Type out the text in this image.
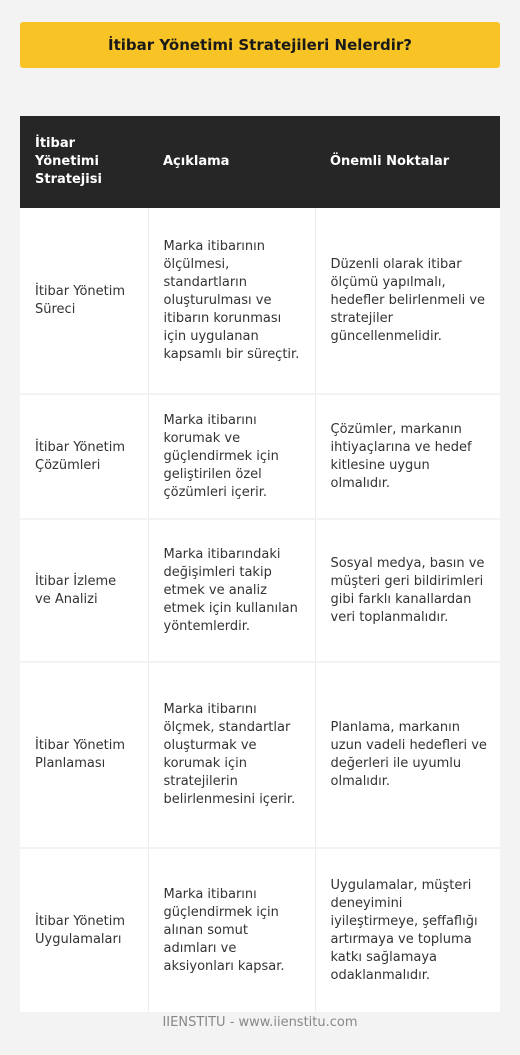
İtibar Yönetimi Stratejileri Nelerdir?
İtibar Yönetimi Stratejisi	Açıklama	Önemli Noktalar
İtibar Yönetim Süreci	Marka itibarının ölçülmesi, standartların oluşturulması ve itibarın korunması için uygulanan kapsamlı bir süreçtir.	Düzenli olarak itibar ölçümü yapılmalı, hedefler belirlenmeli ve stratejiler güncellenmelidir.
İtibar Yönetim Çözümleri	Marka itibarını korumak ve güçlendirmek için geliştirilen özel çözümleri içerir.	Çözümler, markanın ihtiyaçlarına ve hedef kitlesine uygun olmalıdır.
İtibar İzleme ve Analizi	Marka itibarındaki değişimleri takip etmek ve analiz etmek için kullanılan yöntemlerdir.	Sosyal medya, basın ve müşteri geri bildirimleri gibi farklı kanallardan veri toplanmalıdır.
İtibar Yönetim Planlaması	Marka itibarını ölçmek, standartlar oluşturmak ve korumak için stratejilerin belirlenmesini içerir.	Planlama, markanın uzun vadeli hedefleri ve değerleri ile uyumlu olmalıdır.
İtibar Yönetim Uygulamaları	Marka itibarını güçlendirmek için alınan somut adımları ve aksiyonları kapsar.	Uygulamalar, müşteri deneyimini iyileştirmeye, şeffaflığı artırmaya ve topluma katkı sağlamaya odaklanmalıdır.
IIENSTITU - www.iienstitu.com
